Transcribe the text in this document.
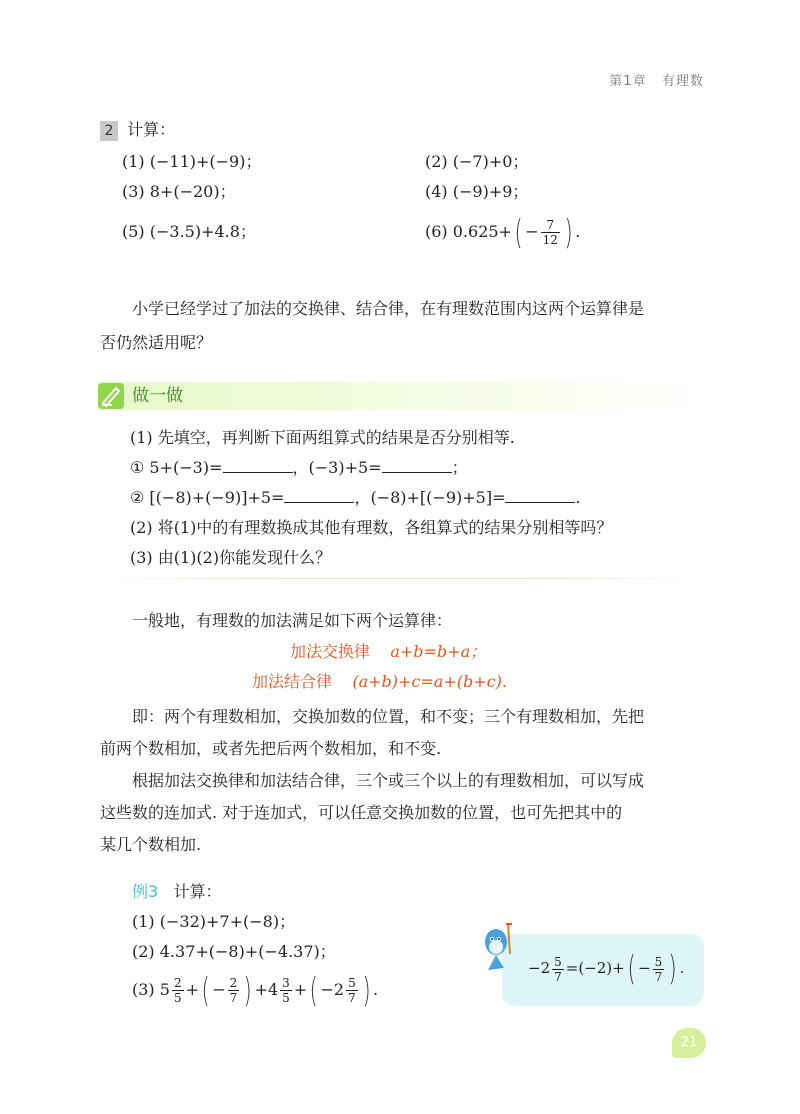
第1章 有理数
2 计算：
(1) (−11)+(−9)；	(2) (−7)+0；
(3) 8+(−20)；	(4) (−9)+9；
(5) (−3.5)+4.8；	(6) $0.625+( - \frac{7}{12}$ ) .
小学已经学过了加法的交换律、结合律，在有理数范围内这两个运算律是
否仍然适用呢？
做一做
(1) 先填空，再判断下面两组算式的结果是否分别相等.
① 5+(−3)=	，(−3)+5=	；
② [(−8)+(−9)]+5=	，(−8)+[(−9)+5]=	.
(2) 将(1)中的有理数换成其他有理数，各组算式的结果分别相等吗？
(3) 由(1)(2)你能发现什么？
一般地，有理数的加法满足如下两个运算律：
加法交换律 a+b=b+a；
加法结合律 (a+b)+c=a+(b+c).
即：两个有理数相加，交换加数的位置，和不变；三个有理数相加，先把
前两个数相加，或者先把后两个数相加，和不变.
根据加法交换律和加法结合律，三个或三个以上的有理数相加，可以写成
这些数的连加式. 对于连加式，可以任意交换加数的位置，也可先把其中的
某几个数相加.
例3 计算：
(1) (−32)+7+(−8)；
(2) 4.37+(−8)+(−4.37)；
(3) $5 \frac{2}{5}$ +( − $\frac{2}{7}$ ) $+4 \frac{3}{5}$ +( $-2 \frac{5}{7}$ ) .
$-2 \frac{5}{7} =(-2)+( - \frac{5}{7}$ ) .
21
